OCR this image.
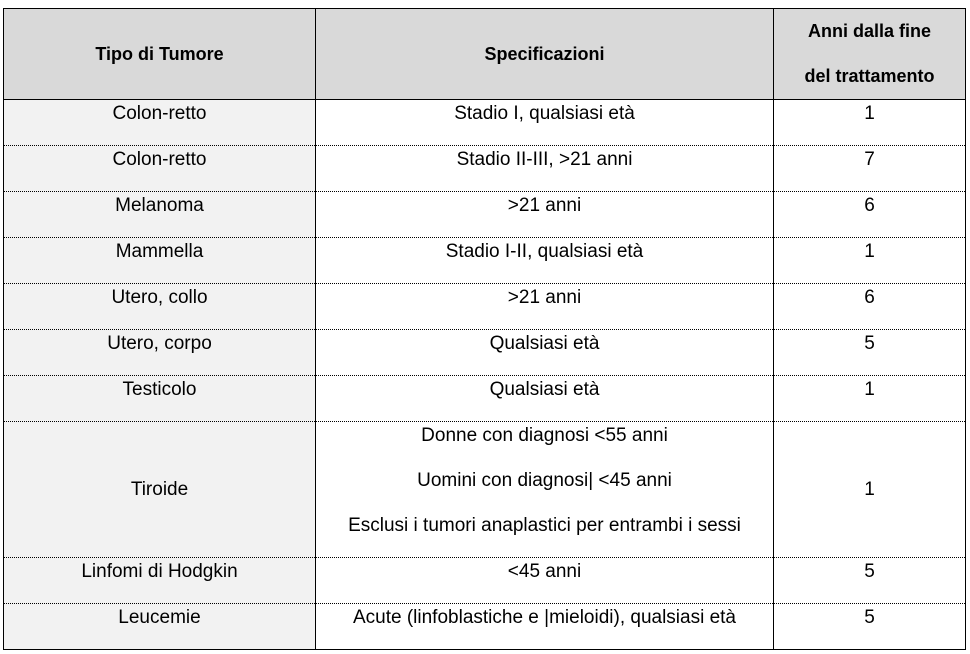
Tipo di Tumore	Specificazioni	Anni dalla fine
del trattamento

Colon-retto	Stadio I, qualsiasi età	1
Colon-retto	Stadio II-III, >21 anni	7
Melanoma	>21 anni	6
Mammella	Stadio I-II, qualsiasi età	1
Utero, collo	>21 anni	6
Utero, corpo	Qualsiasi età	5
Testicolo	Qualsiasi età	1
Tiroide	Donne con diagnosi <55 anni
Uomini con diagnosi| <45 anni
Esclusi i tumori anaplastici per entrambi i sessi	1
Linfomi di Hodgkin	<45 anni	5
Leucemie	Acute (linfoblastiche e |mieloidi), qualsiasi età	5
